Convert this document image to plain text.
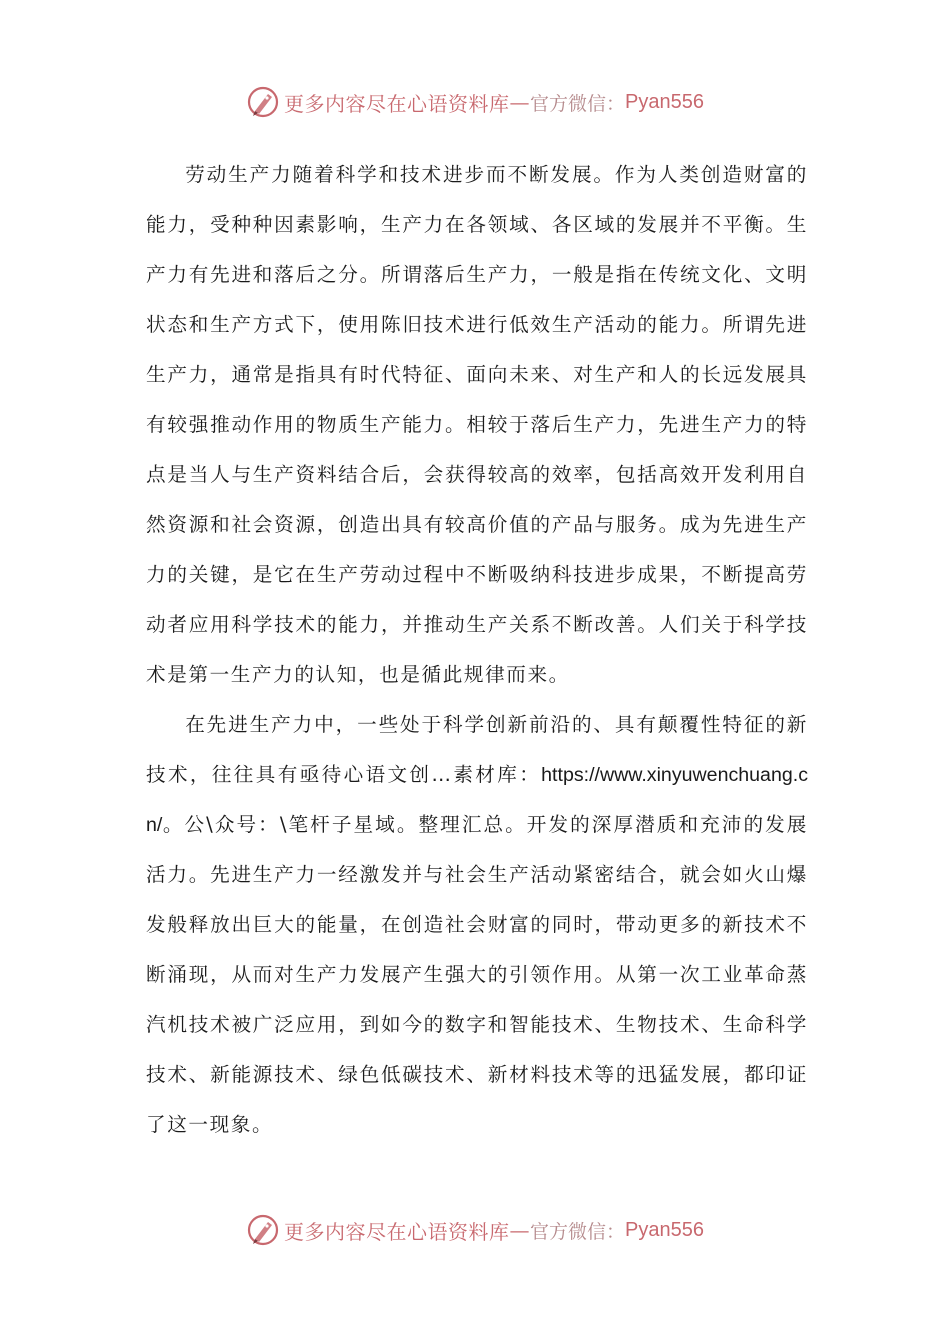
更多内容尽在心语资料库 — 官方微信： Pyan556

劳动生产力随着科学和技术进步而不断发展。作为人类创造财富的能力，受种种因素影响，生产力在各领域、各区域的发展并不平衡。生产力有先进和落后之分。所谓落后生产力，一般是指在传统文化、文明状态和生产方式下，使用陈旧技术进行低效生产活动的能力。所谓先进生产力，通常是指具有时代特征、面向未来、对生产和人的长远发展具有较强推动作用的物质生产能力。相较于落后生产力，先进生产力的特点是当人与生产资料结合后，会获得较高的效率，包括高效开发利用自然资源和社会资源，创造出具有较高价值的产品与服务。成为先进生产力的关键，是它在生产劳动过程中不断吸纳科技进步成果，不断提高劳动者应用科学技术的能力，并推动生产关系不断改善。人们关于科学技术是第一生产力的认知，也是循此规律而来。

在先进生产力中，一些处于科学创新前沿的、具有颠覆性特征的新技术，往往具有亟待心语文创…素材库：https://www.xinyuwenchuang.cn/。公\众号：\笔杆子星域。整理汇总。开发的深厚潜质和充沛的发展活力。先进生产力一经激发并与社会生产活动紧密结合，就会如火山爆发般释放出巨大的能量，在创造社会财富的同时，带动更多的新技术不断涌现，从而对生产力发展产生强大的引领作用。从第一次工业革命蒸汽机技术被广泛应用，到如今的数字和智能技术、生物技术、生命科学技术、新能源技术、绿色低碳技术、新材料技术等的迅猛发展，都印证了这一现象。

更多内容尽在心语资料库 — 官方微信： Pyan556
